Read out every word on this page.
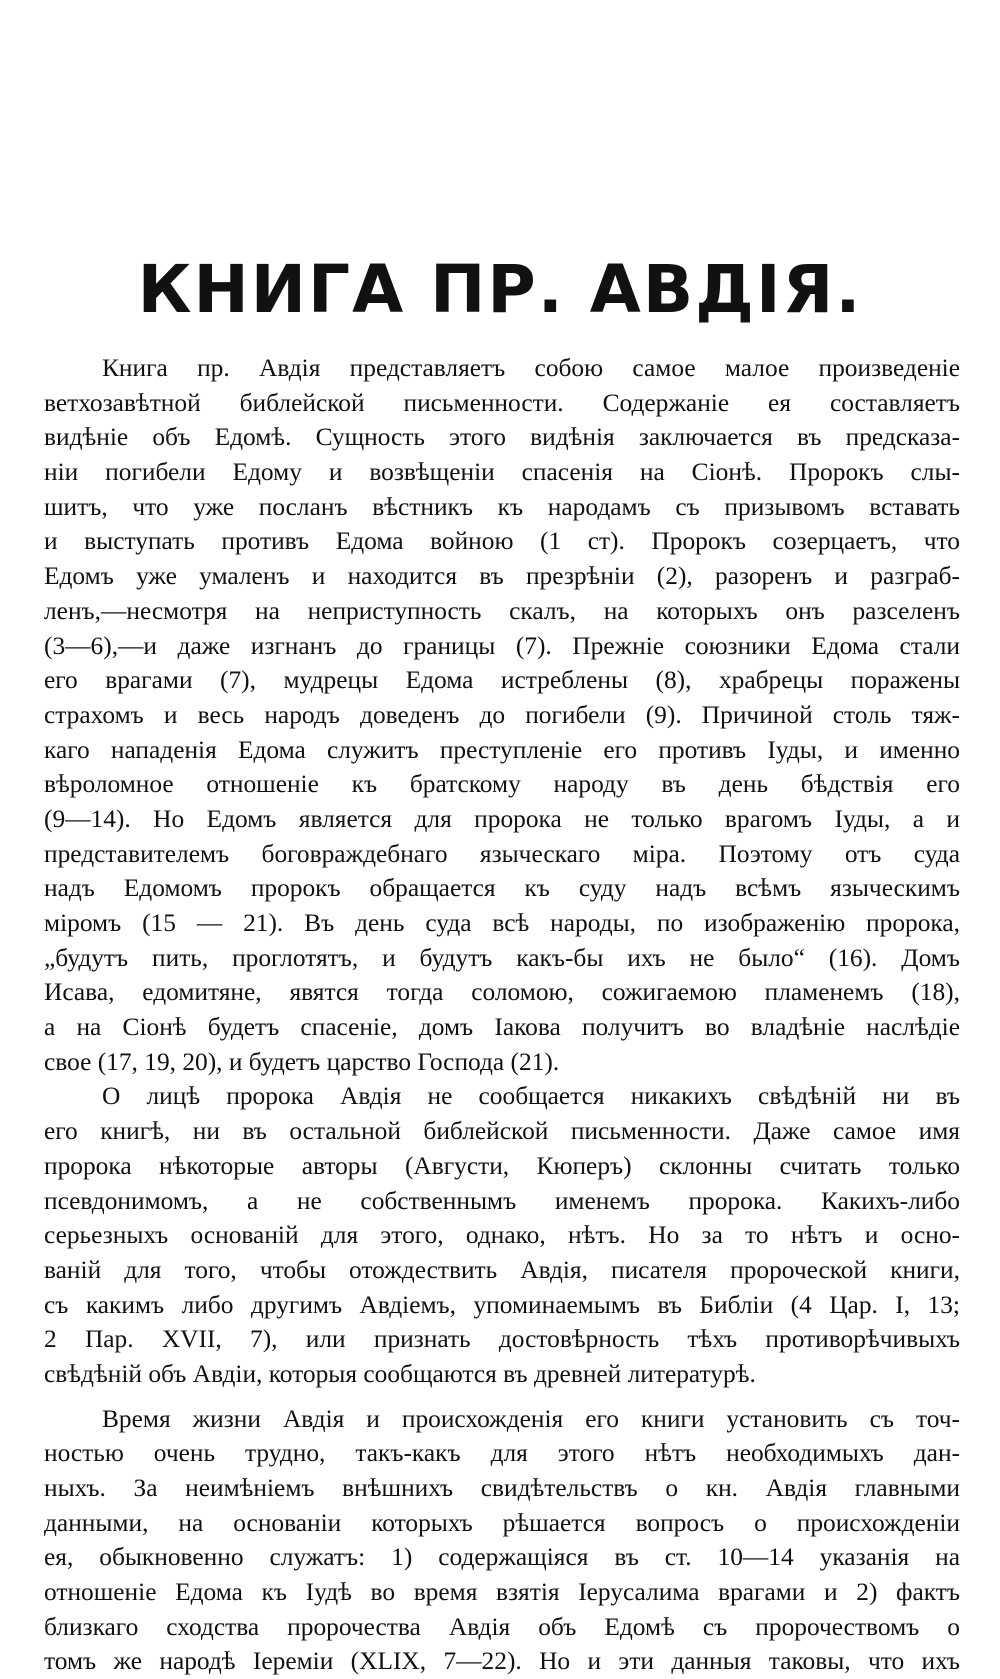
КНИГА ПР. АВДІЯ.
Книга пр. Авдія представляетъ собою самое малое произведеніе
ветхозавѣтной библейской письменности. Содержаніе ея составляетъ
видѣніе объ Едомѣ. Сущность этого видѣнія заключается въ предсказа-
ніи погибели Едому и возвѣщеніи спасенія на Сіонѣ. Пророкъ слы-
шитъ, что уже посланъ вѣстникъ къ народамъ съ призывомъ вставать
и выступать противъ Едома войною (1 ст). Пророкъ созерцаетъ, что
Едомъ уже умаленъ и находится въ презрѣніи (2), разоренъ и разграб-
ленъ,—несмотря на неприступность скалъ, на которыхъ онъ разселенъ
(3—6),—и даже изгнанъ до границы (7). Прежніе союзники Едома стали
его врагами (7), мудрецы Едома истреблены (8), храбрецы поражены
страхомъ и весь народъ доведенъ до погибели (9). Причиной столь тяж-
каго нападенія Едома служитъ преступленіе его противъ Іуды, и именно
вѣроломное отношеніе къ братскому народу въ день бѣдствія его
(9—14). Но Едомъ является для пророка не только врагомъ Іуды, а и
представителемъ боговраждебнаго языческаго міра. Поэтому отъ суда
надъ Едомомъ пророкъ обращается къ суду надъ всѣмъ языческимъ
міромъ (15 — 21). Въ день суда всѣ народы, по изображенію пророка,
„будутъ пить, проглотятъ, и будутъ какъ-бы ихъ не было“ (16). Домъ
Исава, едомитяне, явятся тогда соломою, сожигаемою пламенемъ (18),
а на Сіонѣ будетъ спасеніе, домъ Іакова получитъ во владѣніе наслѣдіе
свое (17, 19, 20), и будетъ царство Господа (21).
О лицѣ пророка Авдія не сообщается никакихъ свѣдѣній ни въ
его книгѣ, ни въ остальной библейской письменности. Даже самое имя
пророка нѣкоторые авторы (Августи, Кюперъ) склонны считать только
псевдонимомъ, а не собственнымъ именемъ пророка. Какихъ-либо
серьезныхъ основаній для этого, однако, нѣтъ. Но за то нѣтъ и осно-
ваній для того, чтобы отождествить Авдія, писателя пророческой книги,
съ какимъ либо другимъ Авдіемъ, упоминаемымъ въ Библіи (4 Цар. I, 13;
2 Пар. XVII, 7), или признать достовѣрность тѣхъ противорѣчивыхъ
свѣдѣній объ Авдіи, которыя сообщаются въ древней литературѣ.
Время жизни Авдія и происхожденія его книги установить съ точ-
ностью очень трудно, такъ-какъ для этого нѣтъ необходимыхъ дан-
ныхъ. За неимѣніемъ внѣшнихъ свидѣтельствъ о кн. Авдія главными
данными, на основаніи которыхъ рѣшается вопросъ о происхожденіи
ея, обыкновенно служатъ: 1) содержащіяся въ ст. 10—14 указанія на
отношеніе Едома къ Іудѣ во время взятія Іерусалима врагами и 2) фактъ
близкаго сходства пророчества Авдія объ Едомѣ съ пророчествомъ о
томъ же народѣ Іереміи (XLIX, 7—22). Но и эти данныя таковы, что ихъ
